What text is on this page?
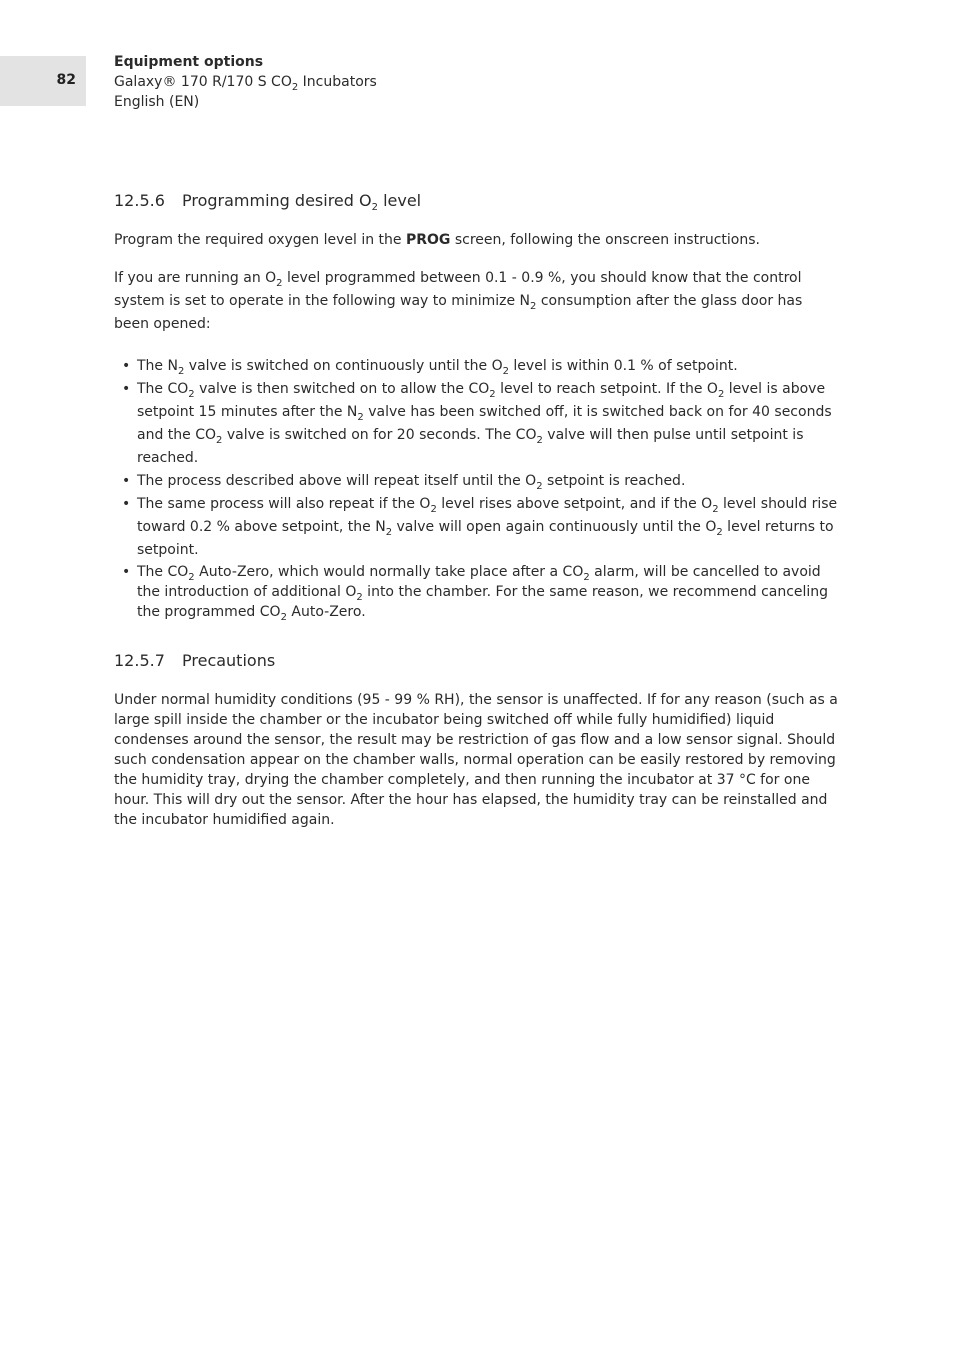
82
Equipment options
Galaxy® 170 R/170 S $CO_2$ Incubators
English (EN)
12.5.6 Programming desired $O_2$ level

Program the required oxygen level in the PROG screen, following the onscreen instructions.

If you are running an $O_2$ level programmed between 0.1 - 0.9 %, you should know that the control system is set to operate in the following way to minimize $N_2$ consumption after the glass door has been opened:

• The $N_2$ valve is switched on continuously until the $O_2$ level is within 0.1 % of setpoint.
• The $CO_2$ valve is then switched on to allow the $CO_2$ level to reach setpoint. If the $O_2$ level is above setpoint 15 minutes after the $N_2$ valve has been switched off, it is switched back on for 40 seconds and the $CO_2$ valve is switched on for 20 seconds. The $CO_2$ valve will then pulse until setpoint is reached.
• The process described above will repeat itself until the $O_2$ setpoint is reached.
• The same process will also repeat if the $O_2$ level rises above setpoint, and if the $O_2$ level should rise toward 0.2 % above setpoint, the $N_2$ valve will open again continuously until the $O_2$ level returns to setpoint.
• The $CO_2$ Auto-Zero, which would normally take place after a $CO_2$ alarm, will be cancelled to avoid the introduction of additional $O_2$ into the chamber. For the same reason, we recommend canceling the programmed $CO_2$ Auto-Zero.
12.5.7 Precautions

Under normal humidity conditions (95 - 99 % RH), the sensor is unaffected. If for any reason (such as a large spill inside the chamber or the incubator being switched off while fully humidified) liquid condenses around the sensor, the result may be restriction of gas flow and a low sensor signal. Should such condensation appear on the chamber walls, normal operation can be easily restored by removing the humidity tray, drying the chamber completely, and then running the incubator at 37 °C for one hour. This will dry out the sensor. After the hour has elapsed, the humidity tray can be reinstalled and the incubator humidified again.
